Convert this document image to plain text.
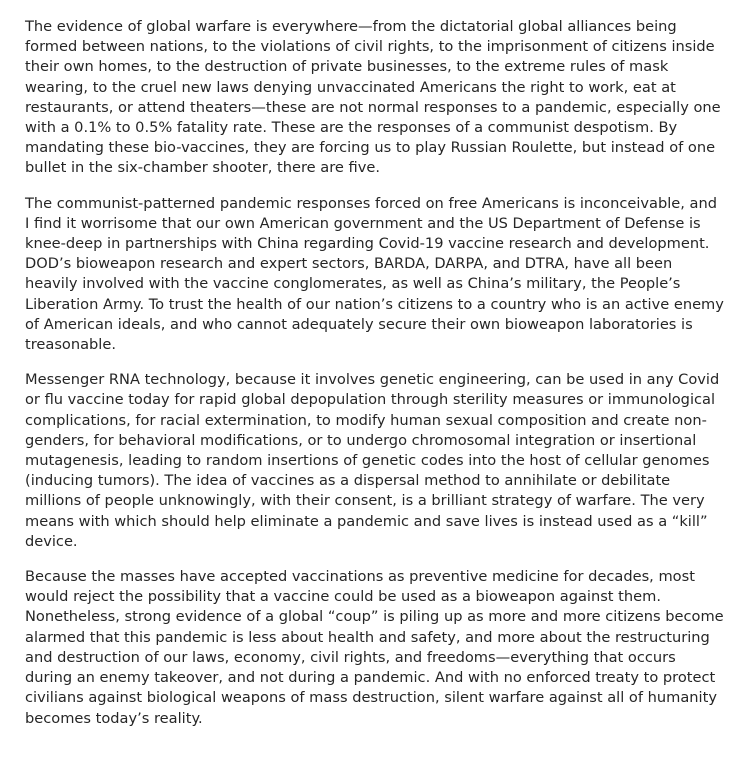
The evidence of global warfare is everywhere—from the dictatorial global alliances being formed between nations, to the violations of civil rights, to the imprisonment of citizens inside their own homes, to the destruction of private businesses, to the extreme rules of mask wearing, to the cruel new laws denying unvaccinated Americans the right to work, eat at restaurants, or attend theaters—these are not normal responses to a pandemic, especially one with a 0.1% to 0.5% fatality rate. These are the responses of a communist despotism. By mandating these bio-vaccines, they are forcing us to play Russian Roulette, but instead of one bullet in the six-chamber shooter, there are five.

The communist-patterned pandemic responses forced on free Americans is inconceivable, and I find it worrisome that our own American government and the US Department of Defense is knee-deep in partnerships with China regarding Covid-19 vaccine research and development. DOD’s bioweapon research and expert sectors, BARDA, DARPA, and DTRA, have all been heavily involved with the vaccine conglomerates, as well as China’s military, the People’s Liberation Army. To trust the health of our nation’s citizens to a country who is an active enemy of American ideals, and who cannot adequately secure their own bioweapon laboratories is treasonable.

Messenger RNA technology, because it involves genetic engineering, can be used in any Covid or flu vaccine today for rapid global depopulation through sterility measures or immunological complications, for racial extermination, to modify human sexual composition and create non-genders, for behavioral modifications, or to undergo chromosomal integration or insertional mutagenesis, leading to random insertions of genetic codes into the host of cellular genomes (inducing tumors). The idea of vaccines as a dispersal method to annihilate or debilitate millions of people unknowingly, with their consent, is a brilliant strategy of warfare. The very means with which should help eliminate a pandemic and save lives is instead used as a “kill” device.

Because the masses have accepted vaccinations as preventive medicine for decades, most would reject the possibility that a vaccine could be used as a bioweapon against them. Nonetheless, strong evidence of a global “coup” is piling up as more and more citizens become alarmed that this pandemic is less about health and safety, and more about the restructuring and destruction of our laws, economy, civil rights, and freedoms—everything that occurs during an enemy takeover, and not during a pandemic. And with no enforced treaty to protect civilians against biological weapons of mass destruction, silent warfare against all of humanity becomes today’s reality.
